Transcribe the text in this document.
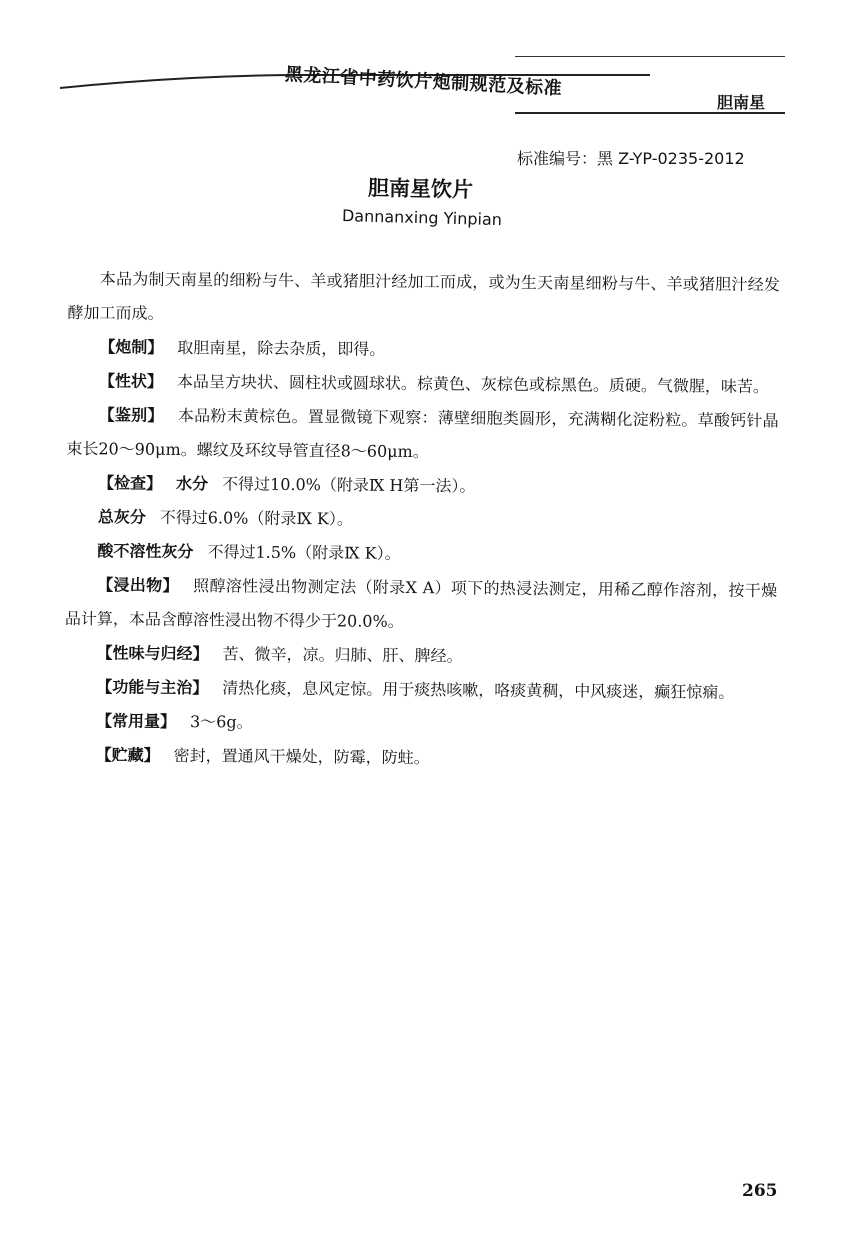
黑龙江省中药饮片炮制规范及标准
胆南星
标准编号：黑 Z-YP-0235-2012
胆南星饮片
Dannanxing Yinpian

本品为制天南星的细粉与牛、羊或猪胆汁经加工而成，或为生天南星细粉与牛、羊或猪胆汁经发酵加工而成。

【炮制】 取胆南星，除去杂质，即得。

【性状】 本品呈方块状、圆柱状或圆球状。棕黄色、灰棕色或棕黑色。质硬。气微腥，味苦。

【鉴别】 本品粉末黄棕色。置显微镜下观察：薄壁细胞类圆形，充满糊化淀粉粒。草酸钙针晶束长20～90μm。螺纹及环纹导管直径8～60μm。

【检查】 水分 不得过10.0%（附录Ⅸ H第一法）。

总灰分 不得过6.0%（附录Ⅸ K）。

酸不溶性灰分 不得过1.5%（附录Ⅸ K）。

【浸出物】 照醇溶性浸出物测定法（附录Ⅹ A）项下的热浸法测定，用稀乙醇作溶剂，按干燥品计算，本品含醇溶性浸出物不得少于20.0%。

【性味与归经】 苦、微辛，凉。归肺、肝、脾经。

【功能与主治】 清热化痰，息风定惊。用于痰热咳嗽，咯痰黄稠，中风痰迷，癫狂惊痫。

【常用量】 3～6g。

【贮藏】 密封，置通风干燥处，防霉，防蛀。

265
